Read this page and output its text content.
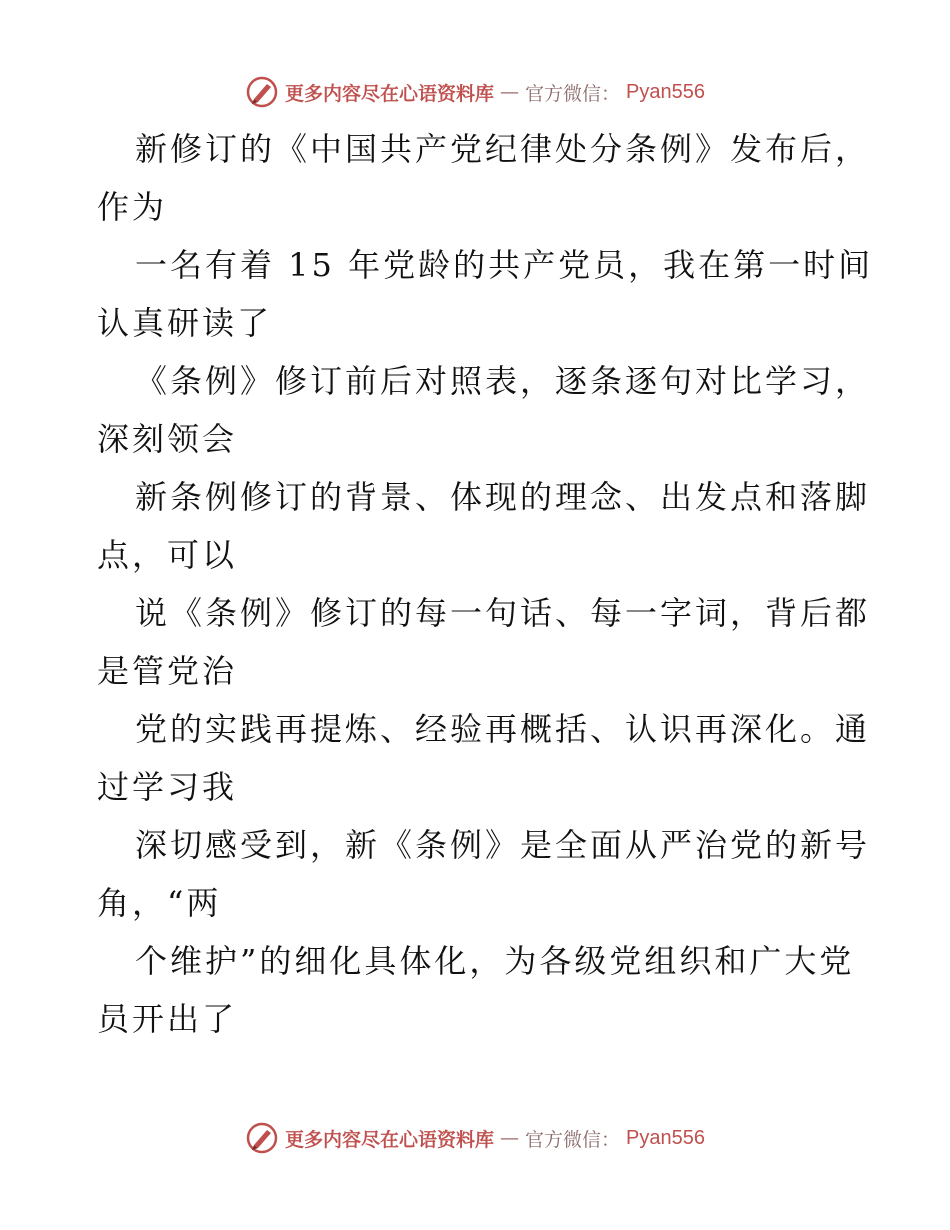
更多内容尽在心语资料库 — 官方微信： Pyan556
新修订的《中国共产党纪律处分条例》发布后，
作为
一名有着 15 年党龄的共产党员，我在第一时间
认真研读了
《条例》修订前后对照表，逐条逐句对比学习，
深刻领会
新条例修订的背景、体现的理念、出发点和落脚
点，可以
说《条例》修订的每一句话、每一字词，背后都
是管党治
党的实践再提炼、经验再概括、认识再深化。通
过学习我
深切感受到，新《条例》是全面从严治党的新号
角，“两
个维护”的细化具体化，为各级党组织和广大党
员开出了
更多内容尽在心语资料库 — 官方微信： Pyan556
